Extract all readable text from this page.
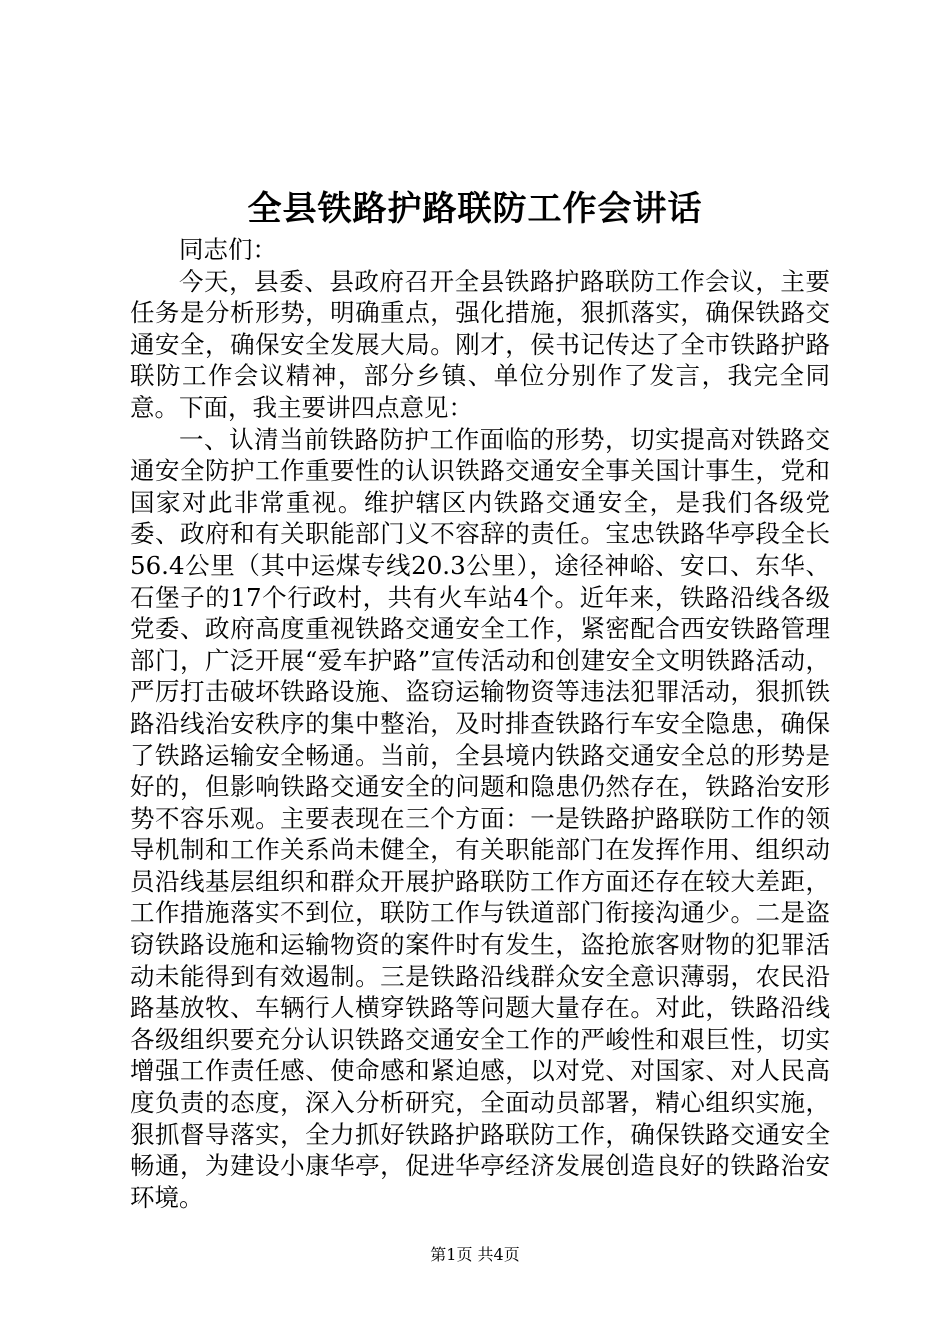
全县铁路护路联防工作会讲话

同志们：

今天，县委、县政府召开全县铁路护路联防工作会议，主要任务是分析形势，明确重点，强化措施，狠抓落实，确保铁路交通安全，确保安全发展大局。刚才，侯书记传达了全市铁路护路联防工作会议精神，部分乡镇、单位分别作了发言，我完全同意。下面，我主要讲四点意见：

一、认清当前铁路防护工作面临的形势，切实提高对铁路交通安全防护工作重要性的认识铁路交通安全事关国计事生，党和国家对此非常重视。维护辖区内铁路交通安全，是我们各级党委、政府和有关职能部门义不容辞的责任。宝忠铁路华亭段全长56.4公里（其中运煤专线20.3公里），途径神峪、安口、东华、石堡子的17个行政村，共有火车站4个。近年来，铁路沿线各级党委、政府高度重视铁路交通安全工作，紧密配合西安铁路管理部门，广泛开展“爱车护路”宣传活动和创建安全文明铁路活动，严厉打击破坏铁路设施、盗窃运输物资等违法犯罪活动，狠抓铁路沿线治安秩序的集中整治，及时排查铁路行车安全隐患，确保了铁路运输安全畅通。当前，全县境内铁路交通安全总的形势是好的，但影响铁路交通安全的问题和隐患仍然存在，铁路治安形势不容乐观。主要表现在三个方面：一是铁路护路联防工作的领导机制和工作关系尚未健全，有关职能部门在发挥作用、组织动员沿线基层组织和群众开展护路联防工作方面还存在较大差距，工作措施落实不到位，联防工作与铁道部门衔接沟通少。二是盗窃铁路设施和运输物资的案件时有发生，盗抢旅客财物的犯罪活动未能得到有效遏制。三是铁路沿线群众安全意识薄弱，农民沿路基放牧、车辆行人横穿铁路等问题大量存在。对此，铁路沿线各级组织要充分认识铁路交通安全工作的严峻性和艰巨性，切实增强工作责任感、使命感和紧迫感，以对党、对国家、对人民高度负责的态度，深入分析研究，全面动员部署，精心组织实施，狠抓督导落实，全力抓好铁路护路联防工作，确保铁路交通安全畅通，为建设小康华亭，促进华亭经济发展创造良好的铁路治安环境。

第1页 共4页
